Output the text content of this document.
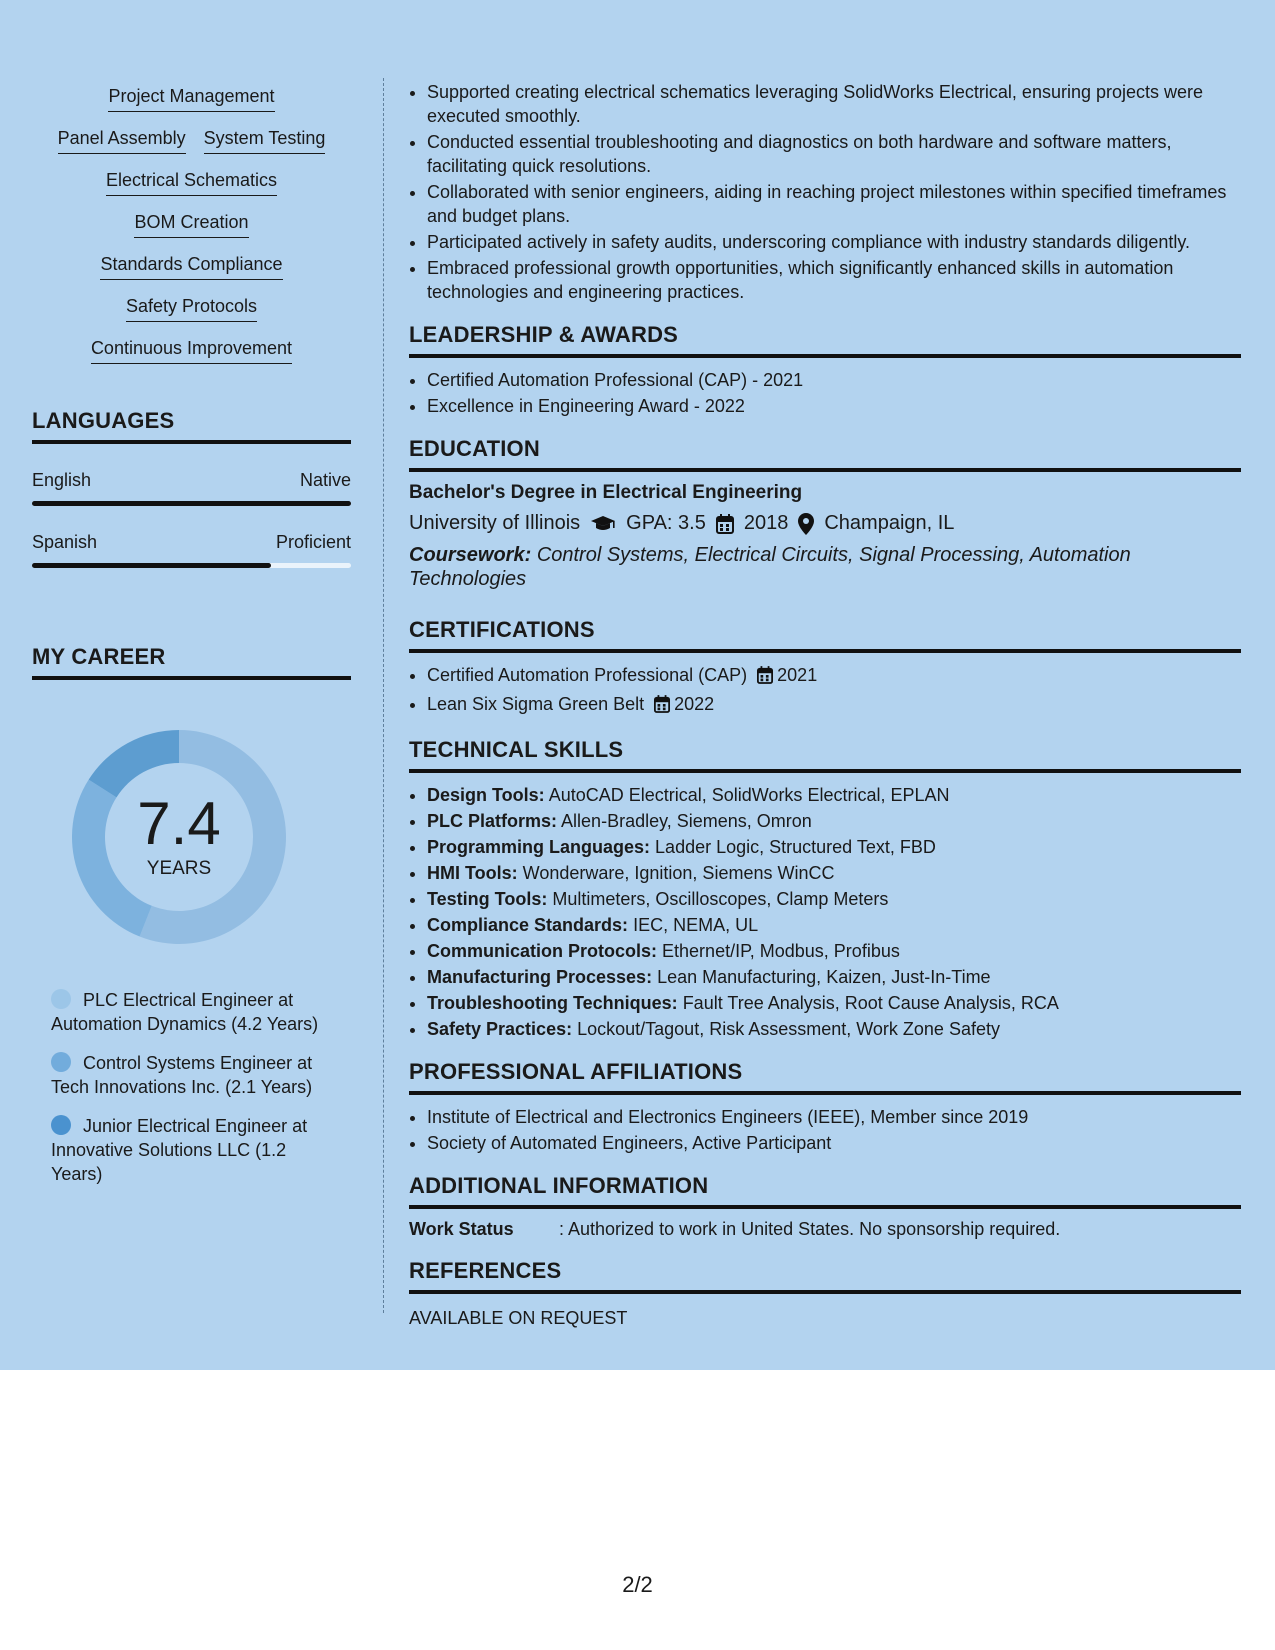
Project Management
Panel Assembly System Testing
Electrical Schematics
BOM Creation
Standards Compliance
Safety Protocols
Continuous Improvement
LANGUAGES
English	Native
Spanish	Proficient
MY CAREER
7.4
YEARS
PLC Electrical Engineer at Automation Dynamics (4.2 Years)
Control Systems Engineer at Tech Innovations Inc. (2.1 Years)
Junior Electrical Engineer at Innovative Solutions LLC (1.2 Years)
• Supported creating electrical schematics leveraging SolidWorks Electrical, ensuring projects were executed smoothly.
• Conducted essential troubleshooting and diagnostics on both hardware and software matters, facilitating quick resolutions.
• Collaborated with senior engineers, aiding in reaching project milestones within specified timeframes and budget plans.
• Participated actively in safety audits, underscoring compliance with industry standards diligently.
• Embraced professional growth opportunities, which significantly enhanced skills in automation technologies and engineering practices.
LEADERSHIP & AWARDS
• Certified Automation Professional (CAP) - 2021
• Excellence in Engineering Award - 2022
EDUCATION
Bachelor's Degree in Electrical Engineering
University of Illinois GPA: 3.5 2018 Champaign, IL
Coursework: Control Systems, Electrical Circuits, Signal Processing, Automation Technologies
CERTIFICATIONS
• Certified Automation Professional (CAP) 2021
• Lean Six Sigma Green Belt 2022
TECHNICAL SKILLS
• Design Tools: AutoCAD Electrical, SolidWorks Electrical, EPLAN
• PLC Platforms: Allen-Bradley, Siemens, Omron
• Programming Languages: Ladder Logic, Structured Text, FBD
• HMI Tools: Wonderware, Ignition, Siemens WinCC
• Testing Tools: Multimeters, Oscilloscopes, Clamp Meters
• Compliance Standards: IEC, NEMA, UL
• Communication Protocols: Ethernet/IP, Modbus, Profibus
• Manufacturing Processes: Lean Manufacturing, Kaizen, Just-In-Time
• Troubleshooting Techniques: Fault Tree Analysis, Root Cause Analysis, RCA
• Safety Practices: Lockout/Tagout, Risk Assessment, Work Zone Safety
PROFESSIONAL AFFILIATIONS
• Institute of Electrical and Electronics Engineers (IEEE), Member since 2019
• Society of Automated Engineers, Active Participant
ADDITIONAL INFORMATION
Work Status	: Authorized to work in United States. No sponsorship required.
REFERENCES
AVAILABLE ON REQUEST
2/2
